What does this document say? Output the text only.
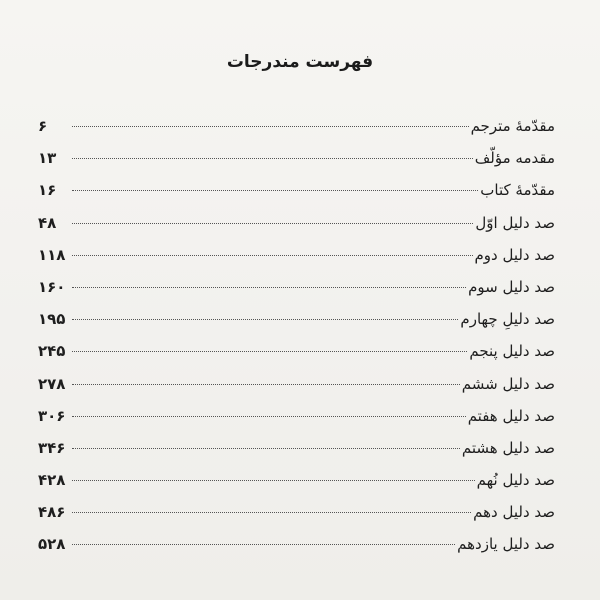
فهرست مندرجات
مقدّمهٔ مترجم
۶
مقدمه مؤلّف
۱۳
مقدّمهٔ کتاب
۱۶
صد دلیل اوّل
۴۸
صد دلیل دوم
۱۱۸
صد دلیل سوم
۱۶۰
صد دلیلِ چهارم
۱۹۵
صد دلیل پنجم
۲۴۵
صد دلیل ششم
۲۷۸
صد دلیل هفتم
۳۰۶
صد دلیل هشتم
۳۴۶
صد دلیل نُهم
۴۲۸
صد دلیل دهم
۴۸۶
صد دلیل یازدهم
۵۲۸
